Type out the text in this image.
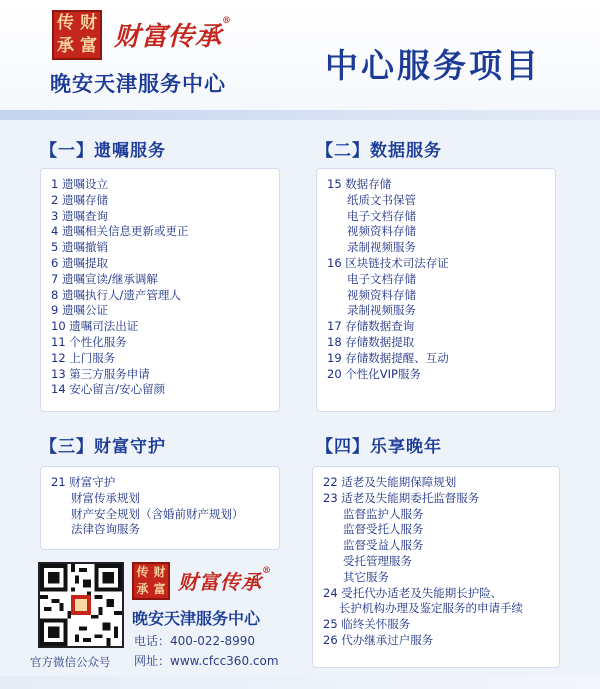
传 财
承 富 财富传承®
晚安天津服务中心	中心服务项目
【一】遗嘱服务
1 遗嘱设立
2 遗嘱存储
3 遗嘱查询
4 遗嘱相关信息更新或更正
5 遗嘱撤销
6 遗嘱提取
7 遗嘱宣读/继承调解
8 遗嘱执行人/遗产管理人
9 遗嘱公证
10 遗嘱司法出证
11 个性化服务
12 上门服务
13 第三方服务申请
14 安心留言/安心留颜
【二】数据服务
15 数据存储
纸质文书保管
电子文档存储
视频资料存储
录制视频服务
16 区块链技术司法存证
电子文档存储
视频资料存储
录制视频服务
17 存储数据查询
18 存储数据提取
19 存储数据提醒、互动
20 个性化VIP服务
【三】财富守护
21 财富守护
财富传承规划
财产安全规划（含婚前财产规划）
法律咨询服务
【四】乐享晚年
22 适老及失能期保障规划
23 适老及失能期委托监督服务
监督监护人服务
监督受托人服务
监督受益人服务
受托管理服务
其它服务
24 受托代办适老及失能期长护险、
长护机构办理及鉴定服务的申请手续
25 临终关怀服务
26 代办继承过户服务
传 财
承 富 财富传承®
晚安天津服务中心
电话：400-022-8990
官方微信公众号 网址：www.cfcc360.com
